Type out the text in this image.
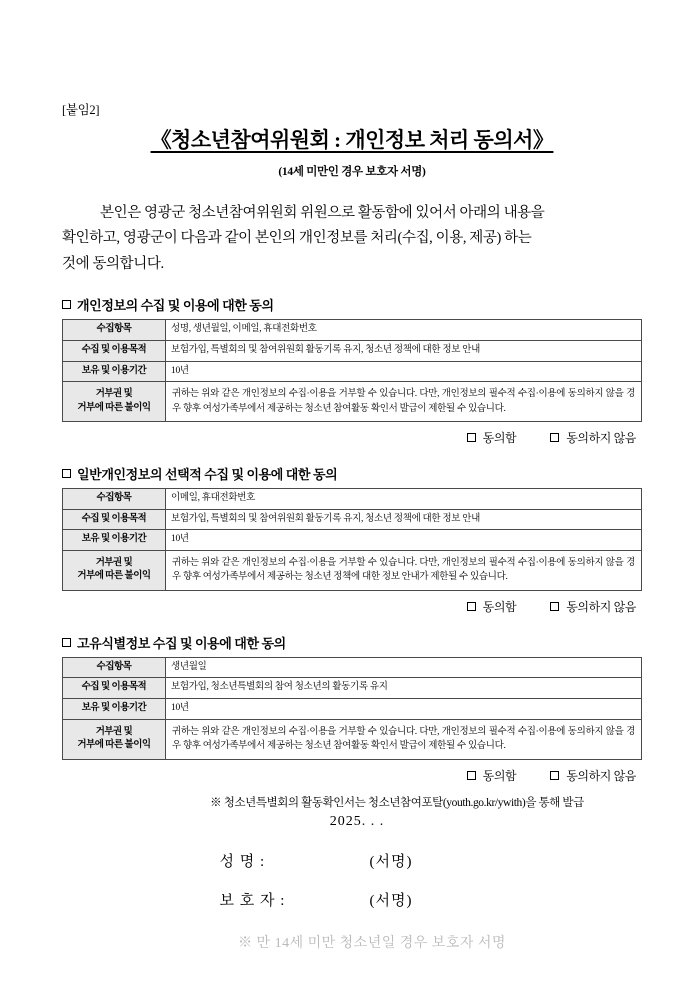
[붙임2]
《청소년참여위원회 : 개인정보 처리 동의서》
(14세 미만인 경우 보호자 서명)
본인은 영광군 청소년참여위원회 위원으로 활동함에 있어서 아래의 내용을
확인하고, 영광군이 다음과 같이 본인의 개인정보를 처리(수집, 이용, 제공) 하는
것에 동의합니다.
개인정보의 수집 및 이용에 대한 동의
수집항목	성명, 생년월일, 이메일, 휴대전화번호
수집 및 이용목적	보험가입, 특별회의 및 참여위원회 활동기록 유지, 청소년 정책에 대한 정보 안내
보유 및 이용기간	10년
거부권 및
거부에 따른 불이익	귀하는 위와 같은 개인정보의 수집·이용을 거부할 수 있습니다. 다만, 개인정보의 필수적 수집·이용에 동의하지 않을 경우 향후 여성가족부에서 제공하는 청소년 참여활동 확인서 발급이 제한될 수 있습니다.
동의함	동의하지 않음
일반개인정보의 선택적 수집 및 이용에 대한 동의
수집항목	이메일, 휴대전화번호
수집 및 이용목적	보험가입, 특별회의 및 참여위원회 활동기록 유지, 청소년 정책에 대한 정보 안내
보유 및 이용기간	10년
거부권 및
거부에 따른 불이익	귀하는 위와 같은 개인정보의 수집·이용을 거부할 수 있습니다. 다만, 개인정보의 필수적 수집·이용에 동의하지 않을 경우 향후 여성가족부에서 제공하는 청소년 정책에 대한 정보 안내가 제한될 수 있습니다.
동의함	동의하지 않음
고유식별정보 수집 및 이용에 대한 동의
수집항목	생년월일
수집 및 이용목적	보험가입, 청소년특별회의 참여 청소년의 활동기록 유지
보유 및 이용기간	10년
거부권 및
거부에 따른 불이익	귀하는 위와 같은 개인정보의 수집·이용을 거부할 수 있습니다. 다만, 개인정보의 필수적 수집·이용에 동의하지 않을 경우 향후 여성가족부에서 제공하는 청소년 참여활동 확인서 발급이 제한될 수 있습니다.
동의함	동의하지 않음
※ 청소년특별회의 활동확인서는 청소년참여포탈(youth.go.kr/ywith)을 통해 발급
2025. . .
성 명 :	(서명)
보 호 자 :	(서명)
※ 만 14세 미만 청소년일 경우 보호자 서명
